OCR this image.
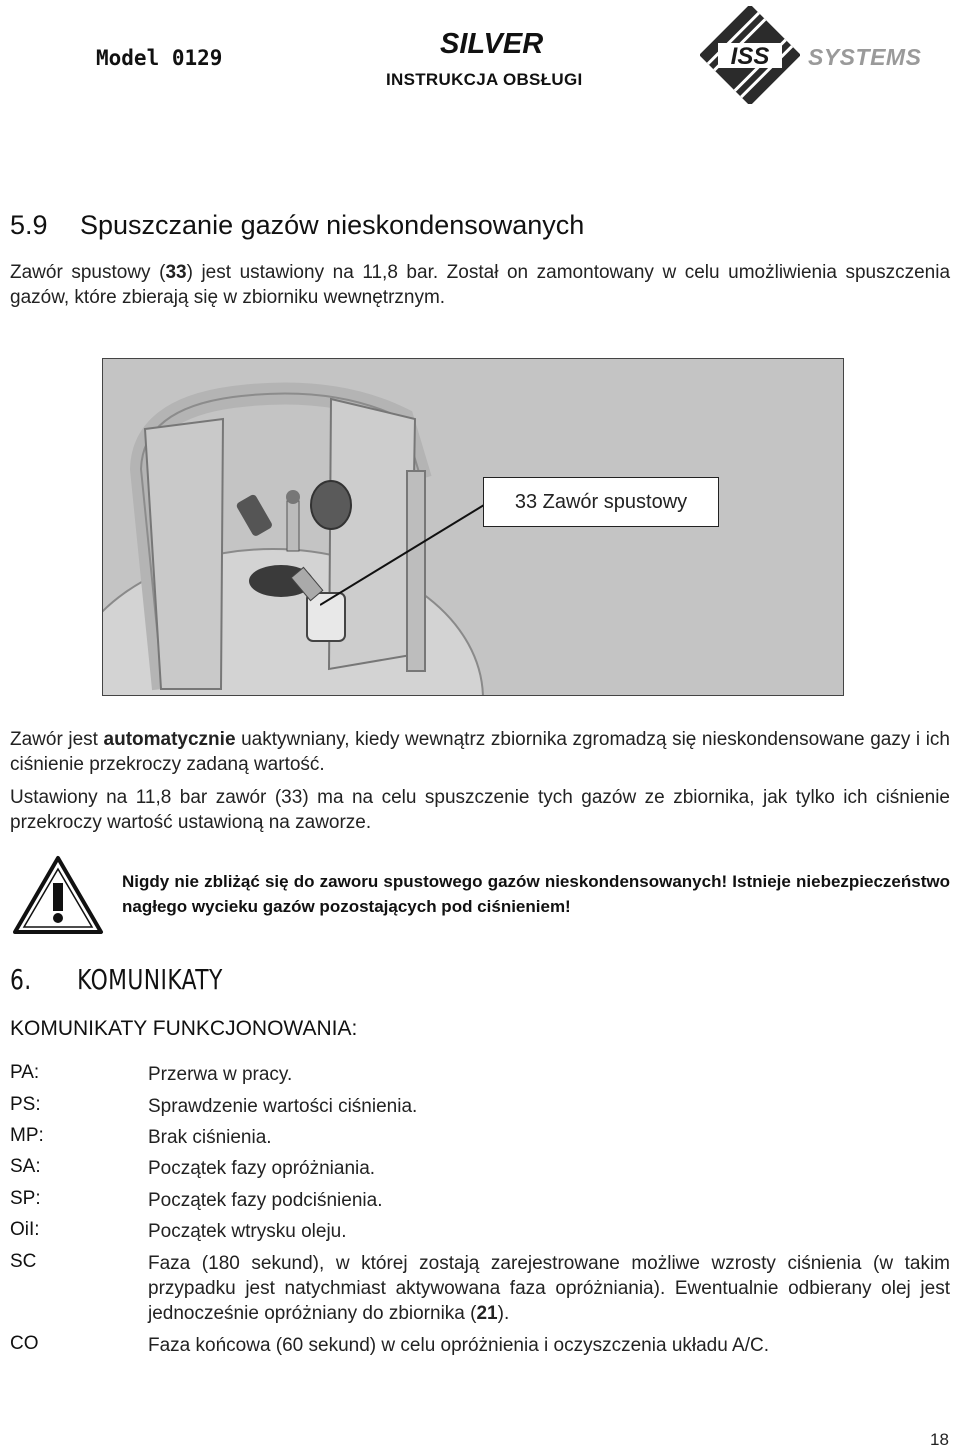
Model 0129	SILVER
INSTRUKCJA OBSŁUGI
ISS SYSTEMS
5.9 Spuszczanie gazów nieskondensowanych
Zawór spustowy (33) jest ustawiony na 11,8 bar. Został on zamontowany w celu umożliwienia spuszczenia gazów, które zbierają się w zbiorniku wewnętrznym.
33 Zawór spustowy
Zawór jest automatycznie uaktywniany, kiedy wewnątrz zbiornika zgromadzą się nieskondensowane gazy i ich ciśnienie przekroczy zadaną wartość.
Ustawiony na 11,8 bar zawór (33) ma na celu spuszczenie tych gazów ze zbiornika, jak tylko ich ciśnienie przekroczy wartość ustawioną na zaworze.
Nigdy nie zbliżąć się do zaworu spustowego gazów nieskondensowanych! Istnieje niebezpieczeństwo nagłego wycieku gazów pozostających pod ciśnieniem!
6. KOMUNIKATY
KOMUNIKATY FUNKCJONOWANIA:
PA:	Przerwa w pracy.
PS:	Sprawdzenie wartości ciśnienia.
MP:	Brak ciśnienia.
SA:	Początek fazy opróżniania.
SP:	Początek fazy podciśnienia.
OiI:	Początek wtrysku oleju.
SC	Faza (180 sekund), w której zostają zarejestrowane możliwe wzrosty ciśnienia (w takim przypadku jest natychmiast aktywowana faza opróżniania). Ewentualnie odbierany olej jest jednocześnie opróżniany do zbiornika (21).
CO	Faza końcowa (60 sekund) w celu opróżnienia i oczyszczenia układu A/C.
18
